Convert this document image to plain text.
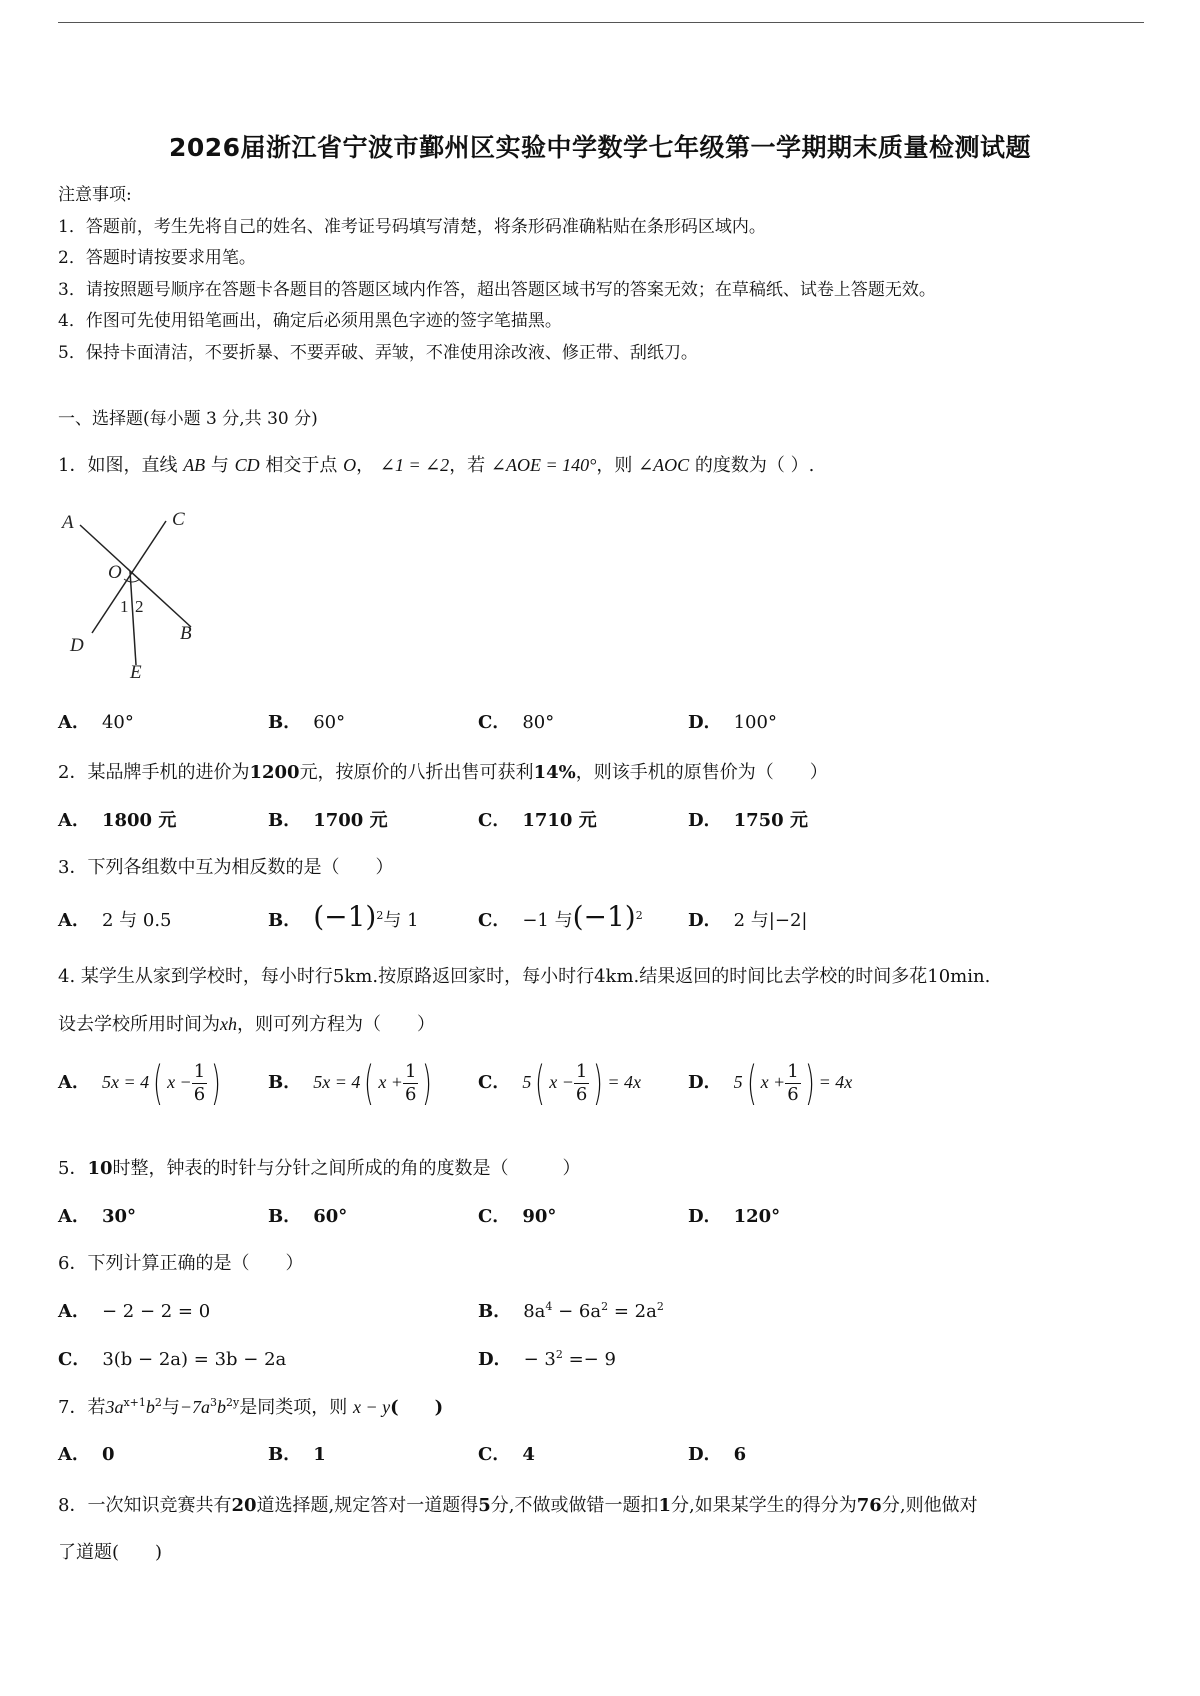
2026届浙江省宁波市鄞州区实验中学数学七年级第一学期期末质量检测试题
注意事项:
1．答题前，考生先将自己的姓名、准考证号码填写清楚，将条形码准确粘贴在条形码区域内。
2．答题时请按要求用笔。
3．请按照题号顺序在答题卡各题目的答题区域内作答，超出答题区域书写的答案无效；在草稿纸、试卷上答题无效。
4．作图可先使用铅笔画出，确定后必须用黑色字迹的签字笔描黑。
5．保持卡面清洁，不要折暴、不要弄破、弄皱，不准使用涂改液、修正带、刮纸刀。
一、选择题(每小题 3 分,共 30 分)
1．如图，直线 AB 与 CD 相交于点 O， ∠1 = ∠2，若 ∠AOE = 140°，则 ∠AOC 的度数为（ ）.
A	C
O
1 2
B
D
E
A． 40°	B． 60°	C． 80°	D． 100°
2．某品牌手机的进价为1200元，按原价的八折出售可获利14%，则该手机的原售价为（　　）
A． 1800 元	B． 1700 元	C． 1710 元	D． 1750 元
3．下列各组数中互为相反数的是（　　）
A． 2 与 0.5	B． $(-1)^2$与 1	C． −1 与$(-1)^2$	D． 2 与|−2|
4. 某学生从家到学校时，每小时行5km.按原路返回家时，每小时行4km.结果返回的时间比去学校的时间多花10min.
设去学校所用时间为xh，则可列方程为（　　）
A． 5x = 4( $x - \frac{1}{6}$ )	B． 5x = 4( $x + \frac{1}{6}$ )	C． 5( $x - \frac{1}{6}$ ) = 4x	D． 5( $x + \frac{1}{6}$ ) = 4x
5．10时整，钟表的时针与分针之间所成的角的度数是（　　　）
A． 30°	B． 60°	C． 90°	D． 120°
6．下列计算正确的是（　　）
A． − 2 − 2 = 0	B． $8a^4 - 6a^2 = 2a^2$
C． 3(b − 2a) = 3b − 2a	D． − $3^2 =- 9$
7．若$3a^{x+1}b^2$与$-7a^3b^{2y}$是同类项，则 x − y(　　)
A． 0	B． 1	C． 4	D． 6
8．一次知识竞赛共有20道选择题,规定答对一道题得5分,不做或做错一题扣1分,如果某学生的得分为76分,则他做对
了道题(　　)
